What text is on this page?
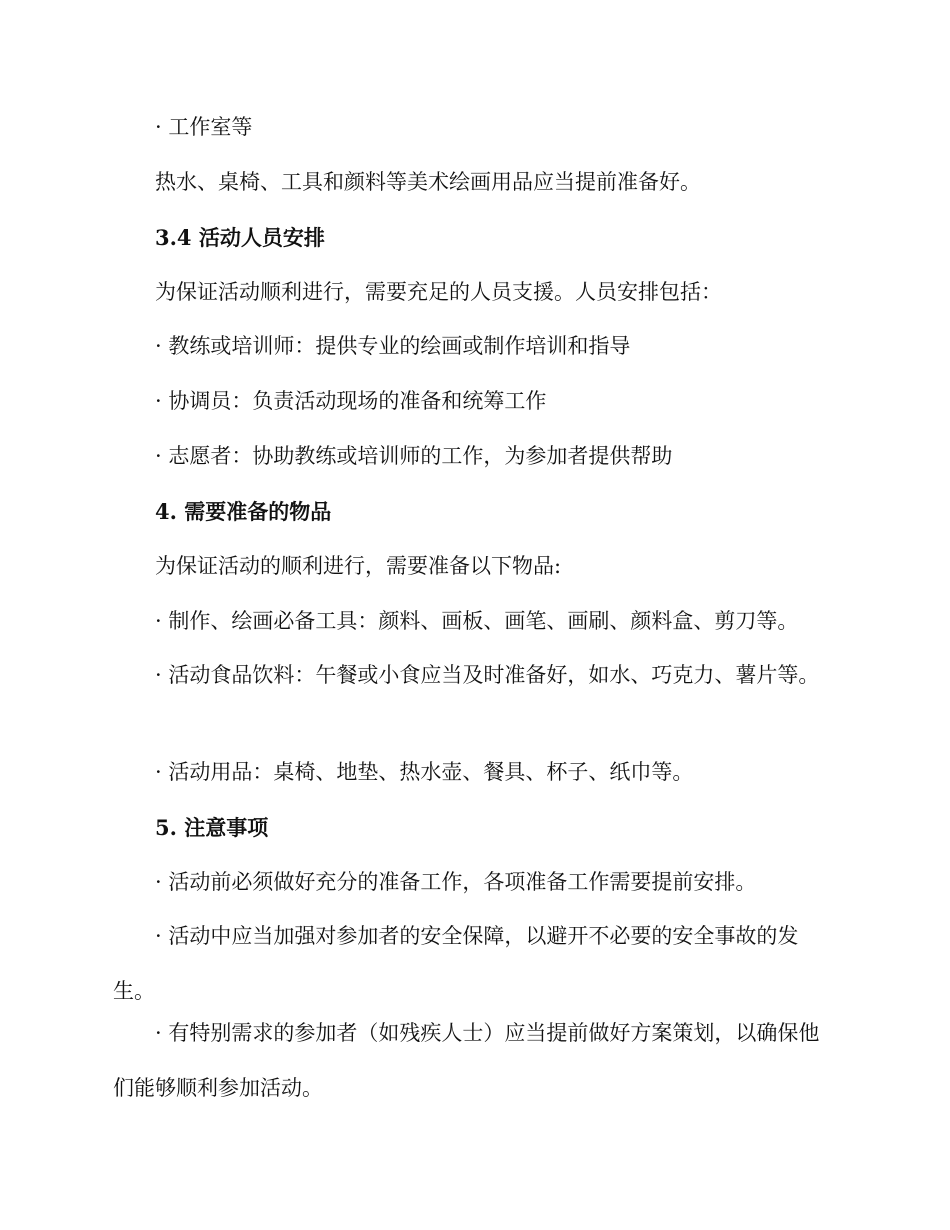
· 工作室等
热水、桌椅、工具和颜料等美术绘画用品应当提前准备好。
3.4 活动人员安排
为保证活动顺利进行，需要充足的人员支援。人员安排包括：
· 教练或培训师：提供专业的绘画或制作培训和指导
· 协调员：负责活动现场的准备和统筹工作
· 志愿者：协助教练或培训师的工作，为参加者提供帮助
4. 需要准备的物品
为保证活动的顺利进行，需要准备以下物品:
· 制作、绘画必备工具：颜料、画板、画笔、画刷、颜料盒、剪刀等。
· 活动食品饮料：午餐或小食应当及时准备好，如水、巧克力、薯片等。
· 活动用品：桌椅、地垫、热水壶、餐具、杯子、纸巾等。
5. 注意事项
· 活动前必须做好充分的准备工作，各项准备工作需要提前安排。
· 活动中应当加强对参加者的安全保障，以避开不必要的安全事故的发生。
· 有特别需求的参加者（如残疾人士）应当提前做好方案策划，以确保他们能够顺利参加活动。
